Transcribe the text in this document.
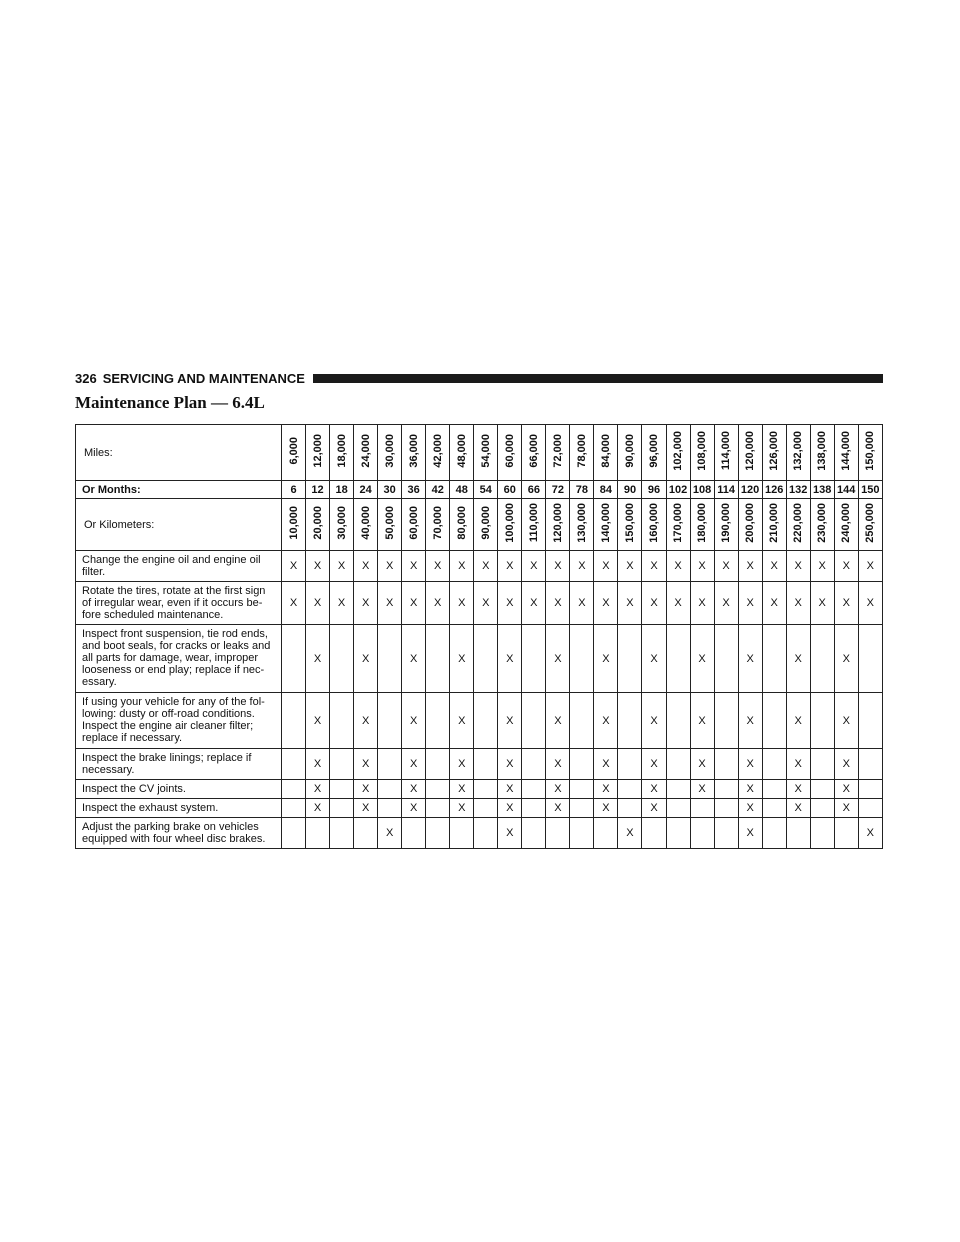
326 SERVICING AND MAINTENANCE
Maintenance Plan — 6.4L
Miles:	6,000	12,000	18,000	24,000	30,000	36,000	42,000	48,000	54,000	60,000	66,000	72,000	78,000	84,000	90,000	96,000	102,000	108,000	114,000	120,000	126,000	132,000	138,000	144,000	150,000
Or Months:	6	12	18	24	30	36	42	48	54	60	66	72	78	84	90	96	102	108	114	120	126	132	138	144	150
Or Kilometers:	10,000	20,000	30,000	40,000	50,000	60,000	70,000	80,000	90,000	100,000	110,000	120,000	130,000	140,000	150,000	160,000	170,000	180,000	190,000	200,000	210,000	220,000	230,000	240,000	250,000
Change the engine oil and engine oil filter.	X	X	X	X	X	X	X	X	X	X	X	X	X	X	X	X	X	X	X	X	X	X	X	X	X
Rotate the tires, rotate at the first sign of irregular wear, even if it occurs be-fore scheduled maintenance.	X	X	X	X	X	X	X	X	X	X	X	X	X	X	X	X	X	X	X	X	X	X	X	X	X
Inspect front suspension, tie rod ends, and boot seals, for cracks or leaks and all parts for damage, wear, improper looseness or end play; replace if nec-essary.		X		X		X		X		X		X		X		X		X		X		X		X	
If using your vehicle for any of the fol-lowing: dusty or off-road conditions. Inspect the engine air cleaner filter; replace if necessary.		X		X		X		X		X		X		X		X		X		X		X		X	
Inspect the brake linings; replace if necessary.		X		X		X		X		X		X		X		X		X		X		X		X	
Inspect the CV joints.		X		X		X		X		X		X		X		X		X		X		X		X	
Inspect the exhaust system.		X		X		X		X		X		X		X		X				X		X		X	
Adjust the parking brake on vehicles equipped with four wheel disc brakes.					X					X					X					X					X
